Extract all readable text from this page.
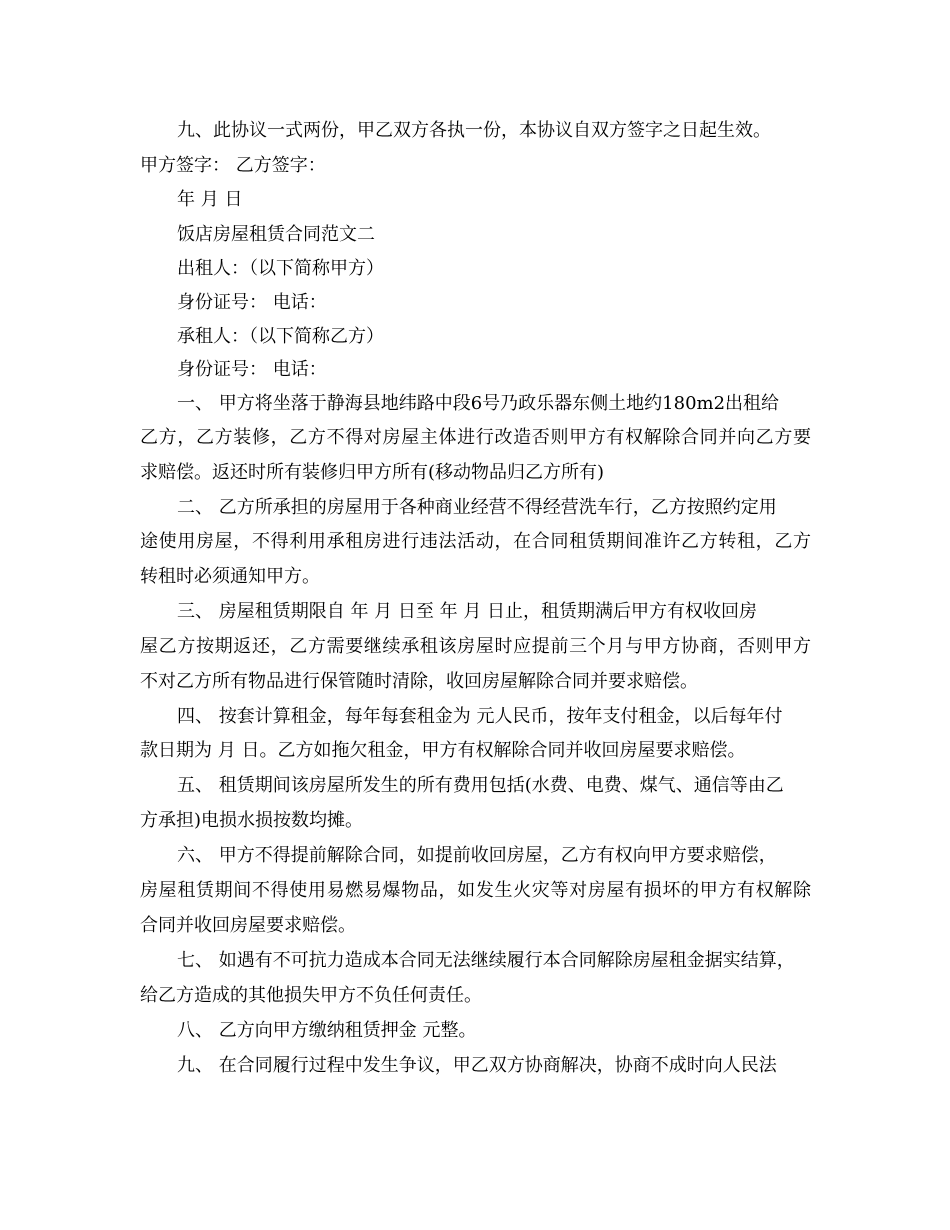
九、此协议一式两份，甲乙双方各执一份，本协议自双方签字之日起生效。
甲方签字： 乙方签字：
年 月 日
饭店房屋租赁合同范文二
出租人：（以下简称甲方）
身份证号： 电话：
承租人：（以下简称乙方）
身份证号： 电话：
一、 甲方将坐落于静海县地纬路中段6号乃政乐器东侧土地约180m2出租给
乙方，乙方装修，乙方不得对房屋主体进行改造否则甲方有权解除合同并向乙方要
求赔偿。返还时所有装修归甲方所有(移动物品归乙方所有)
二、 乙方所承担的房屋用于各种商业经营不得经营洗车行，乙方按照约定用
途使用房屋，不得利用承租房进行违法活动，在合同租赁期间准许乙方转租，乙方
转租时必须通知甲方。
三、 房屋租赁期限自 年 月 日至 年 月 日止，租赁期满后甲方有权收回房
屋乙方按期返还，乙方需要继续承租该房屋时应提前三个月与甲方协商，否则甲方
不对乙方所有物品进行保管随时清除，收回房屋解除合同并要求赔偿。
四、 按套计算租金，每年每套租金为 元人民币，按年支付租金，以后每年付
款日期为 月 日。乙方如拖欠租金，甲方有权解除合同并收回房屋要求赔偿。
五、 租赁期间该房屋所发生的所有费用包括(水费、电费、煤气、通信等由乙
方承担)电损水损按数均摊。
六、 甲方不得提前解除合同，如提前收回房屋，乙方有权向甲方要求赔偿，
房屋租赁期间不得使用易燃易爆物品，如发生火灾等对房屋有损坏的甲方有权解除
合同并收回房屋要求赔偿。
七、 如遇有不可抗力造成本合同无法继续履行本合同解除房屋租金据实结算，
给乙方造成的其他损失甲方不负任何责任。
八、 乙方向甲方缴纳租赁押金 元整。
九、 在合同履行过程中发生争议，甲乙双方协商解决，协商不成时向人民法
